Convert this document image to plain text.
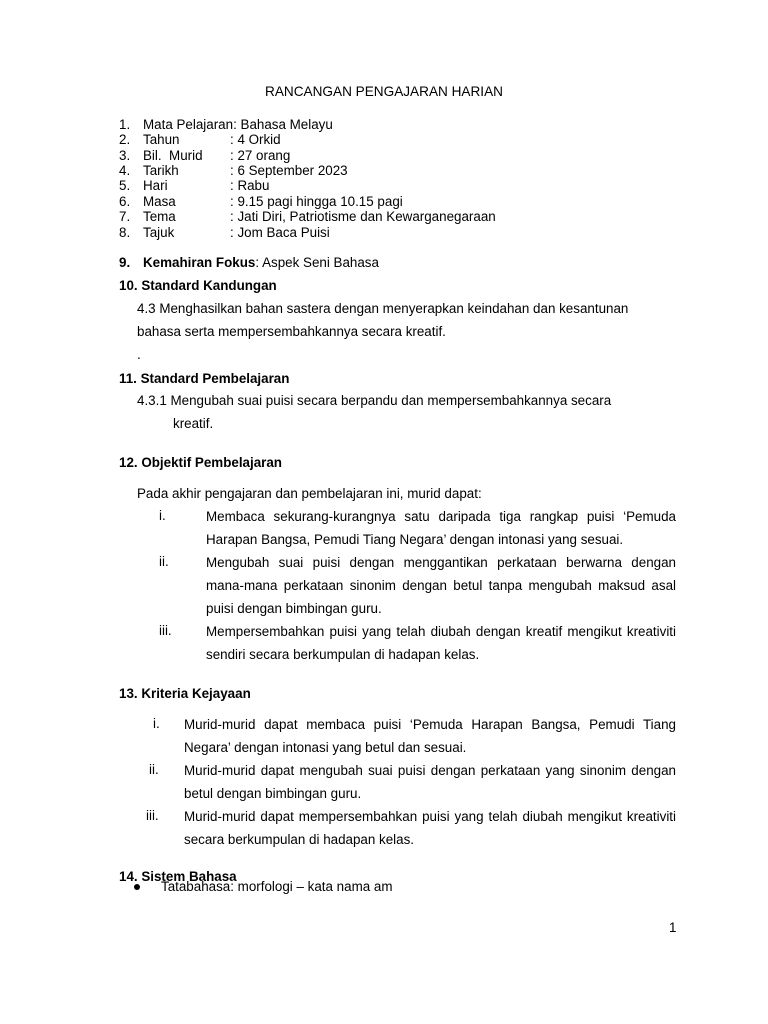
RANCANGAN PENGAJARAN HARIAN
1. Mata Pelajaran: Bahasa Melayu
2. Tahun	: 4 Orkid
3. Bil.  Murid : 27 orang
4. Tarikh	: 6 September 2023
5. Hari	: Rabu
6. Masa	: 9.15 pagi hingga 10.15 pagi
7. Tema	: Jati Diri, Patriotisme dan Kewarganegaraan
8. Tajuk	: Jom Baca Puisi
9. Kemahiran Fokus: Aspek Seni Bahasa
10. Standard Kandungan
4.3 Menghasilkan bahan sastera dengan menyerapkan keindahan dan kesantunan
bahasa serta mempersembahkannya secara kreatif.
.
11. Standard Pembelajaran
4.3.1 Mengubah suai puisi secara berpandu dan mempersembahkannya secara
kreatif.
12. Objektif Pembelajaran
Pada akhir pengajaran dan pembelajaran ini, murid dapat:
i.	Membaca sekurang-kurangnya satu daripada tiga rangkap puisi ‘Pemuda Harapan Bangsa, Pemudi Tiang Negara’ dengan intonasi yang sesuai.
ii.	Mengubah suai puisi dengan menggantikan perkataan berwarna dengan mana-mana perkataan sinonim dengan betul tanpa mengubah maksud asal puisi dengan bimbingan guru.
iii.	Mempersembahkan puisi yang telah diubah dengan kreatif mengikut kreativiti sendiri secara berkumpulan di hadapan kelas.
13. Kriteria Kejayaan
i. Murid-murid dapat membaca puisi ‘Pemuda Harapan Bangsa, Pemudi Tiang Negara’ dengan intonasi yang betul dan sesuai.
ii. Murid-murid dapat mengubah suai puisi dengan perkataan yang sinonim dengan betul dengan bimbingan guru.
iii. Murid-murid dapat mempersembahkan puisi yang telah diubah mengikut kreativiti secara berkumpulan di hadapan kelas.
14. Sistem Bahasa
Tatabahasa: morfologi – kata nama am
1
